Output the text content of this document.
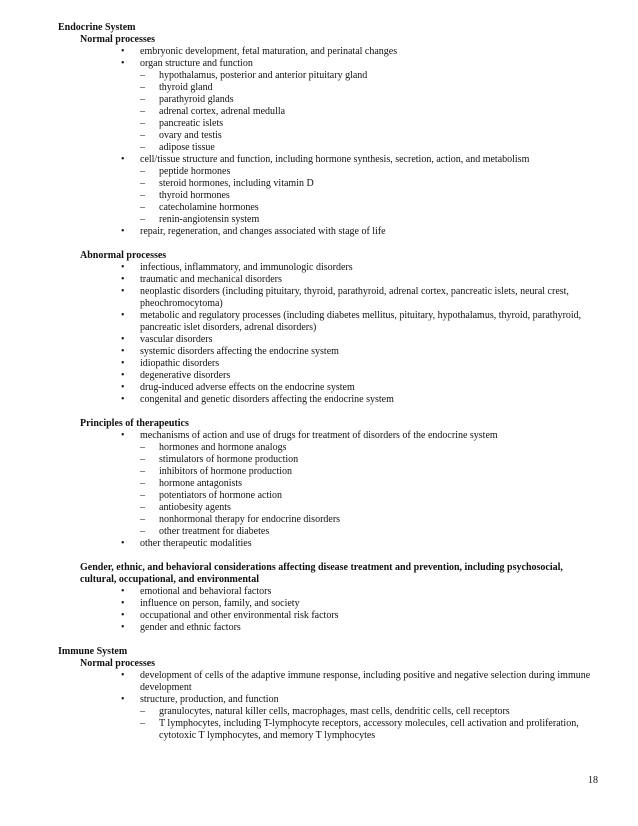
Endocrine System
Normal processes
• embryonic development, fetal maturation, and perinatal changes
• organ structure and function
– hypothalamus, posterior and anterior pituitary gland
– thyroid gland
– parathyroid glands
– adrenal cortex, adrenal medulla
– pancreatic islets
– ovary and testis
– adipose tissue
• cell/tissue structure and function, including hormone synthesis, secretion, action, and metabolism
– peptide hormones
– steroid hormones, including vitamin D
– thyroid hormones
– catecholamine hormones
– renin-angiotensin system
• repair, regeneration, and changes associated with stage of life
Abnormal processes
• infectious, inflammatory, and immunologic disorders
• traumatic and mechanical disorders
• neoplastic disorders (including pituitary, thyroid, parathyroid, adrenal cortex, pancreatic islets, neural crest, pheochromocytoma)
• metabolic and regulatory processes (including diabetes mellitus, pituitary, hypothalamus, thyroid, parathyroid, pancreatic islet disorders, adrenal disorders)
• vascular disorders
• systemic disorders affecting the endocrine system
• idiopathic disorders
• degenerative disorders
• drug-induced adverse effects on the endocrine system
• congenital and genetic disorders affecting the endocrine system
Principles of therapeutics
• mechanisms of action and use of drugs for treatment of disorders of the endocrine system
– hormones and hormone analogs
– stimulators of hormone production
– inhibitors of hormone production
– hormone antagonists
– potentiators of hormone action
– antiobesity agents
– nonhormonal therapy for endocrine disorders
– other treatment for diabetes
• other therapeutic modalities
Gender, ethnic, and behavioral considerations affecting disease treatment and prevention, including psychosocial, cultural, occupational, and environmental
• emotional and behavioral factors
• influence on person, family, and society
• occupational and other environmental risk factors
• gender and ethnic factors
Immune System
Normal processes
• development of cells of the adaptive immune response, including positive and negative selection during immune development
• structure, production, and function
– granulocytes, natural killer cells, macrophages, mast cells, dendritic cells, cell receptors
– T lymphocytes, including T-lymphocyte receptors, accessory molecules, cell activation and proliferation, cytotoxic T lymphocytes, and memory T lymphocytes
18
